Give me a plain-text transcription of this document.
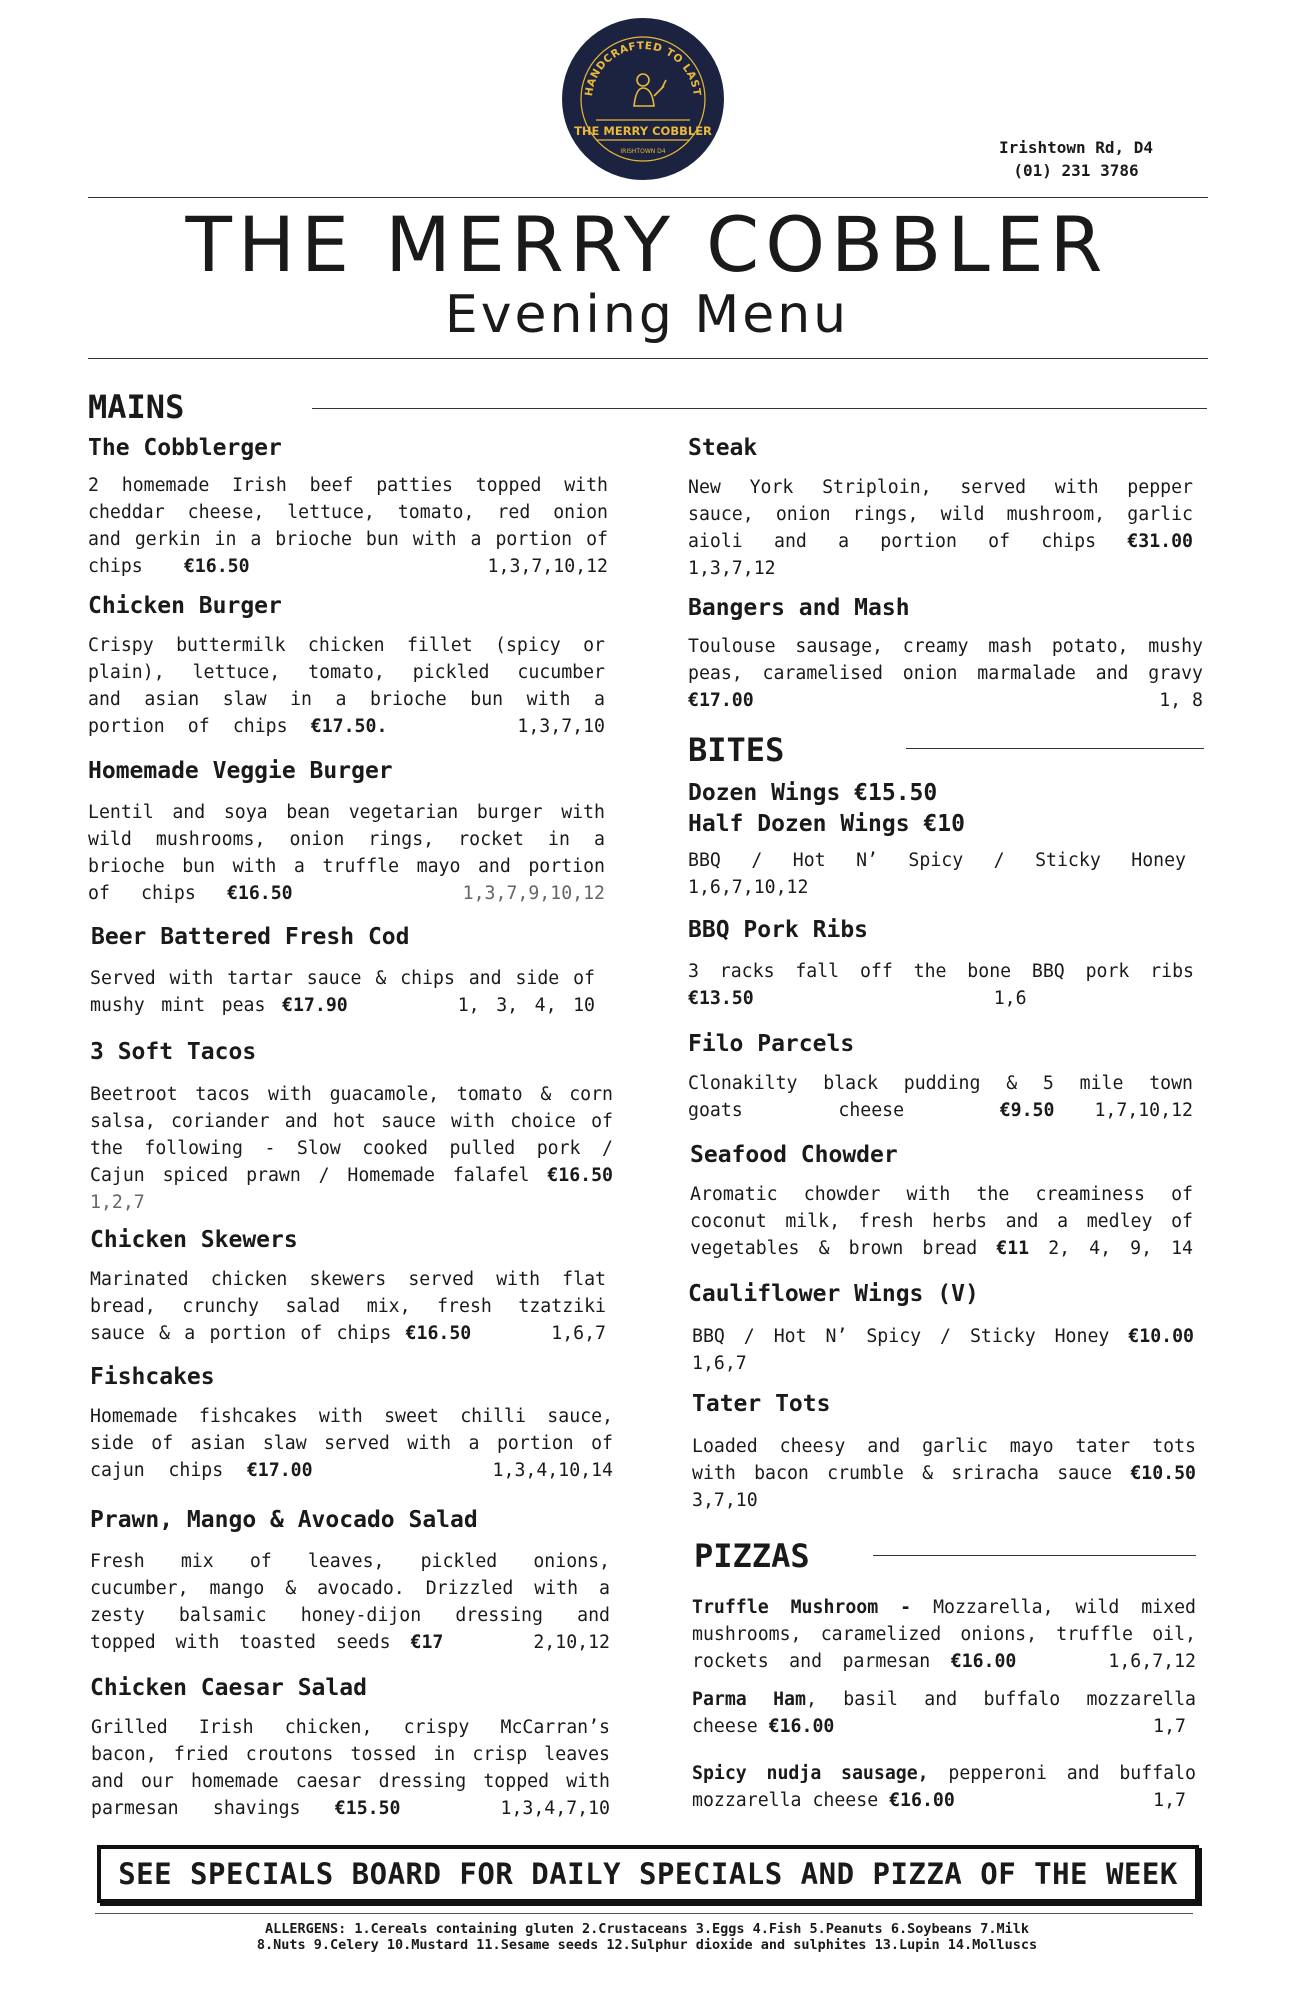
HANDCRAFTED TO LAST
THE MERRY COBBLER
IRISHTOWN D4	Irishtown Rd, D4
(01) 231 3786
THE MERRY COBBLER
Evening Menu
MAINS
The Cobblerger
2 homemade Irish beef patties topped with
cheddar cheese, lettuce, tomato, red onion
and gerkin in a brioche bun with a portion of
chips €16.50	1,3,7,10,12
Chicken Burger
Crispy buttermilk chicken fillet (spicy or
plain), lettuce, tomato, pickled cucumber
and asian slaw in a brioche bun with a
portion of chips €17.50.	1,3,7,10
Homemade Veggie Burger
Lentil and soya bean vegetarian burger with
wild mushrooms, onion rings, rocket in a
brioche bun with a truffle mayo and portion
of chips €16.50	1,3,7,9,10,12
Beer Battered Fresh Cod
Served with tartar sauce & chips and side of
mushy mint peas €17.90	1, 3, 4, 10
3 Soft Tacos
Beetroot tacos with guacamole, tomato & corn
salsa, coriander and hot sauce with choice of
the following - Slow cooked pulled pork /
Cajun spiced prawn / Homemade falafel €16.50
1,2,7
Chicken Skewers
Marinated chicken skewers served with flat
bread, crunchy salad mix, fresh tzatziki
sauce & a portion of chips €16.50	1,6,7
Fishcakes
Homemade fishcakes with sweet chilli sauce,
side of asian slaw served with a portion of
cajun chips €17.00	1,3,4,10,14
Prawn, Mango & Avocado Salad
Fresh mix of leaves, pickled onions,
cucumber, mango & avocado. Drizzled with a
zesty balsamic honey-dijon dressing and
topped with toasted seeds €17	2,10,12
Chicken Caesar Salad
Grilled Irish chicken, crispy McCarran’s
bacon, fried croutons tossed in crisp leaves
and our homemade caesar dressing topped with
parmesan shavings €15.50	1,3,4,7,10
Steak
New York Striploin, served with pepper
sauce, onion rings, wild mushroom, garlic
aioli and a portion of chips €31.00
1,3,7,12
Bangers and Mash
Toulouse sausage, creamy mash potato, mushy
peas, caramelised onion marmalade and gravy
€17.00	1, 8
BITES
Dozen Wings €15.50
Half Dozen Wings €10
BBQ / Hot N’ Spicy / Sticky Honey
1,6,7,10,12
BBQ Pork Ribs
3 racks fall off the bone BBQ pork ribs
€13.50	1,6
Filo Parcels
Clonakilty black pudding & 5 mile town
goats cheese	€9.50 1,7,10,12
Seafood Chowder
Aromatic chowder with the creaminess of
coconut milk, fresh herbs and a medley of
vegetables & brown bread €11 2, 4, 9, 14
Cauliflower Wings (V)
BBQ / Hot N’ Spicy / Sticky Honey €10.00
1,6,7
Tater Tots
Loaded cheesy and garlic mayo tater tots
with bacon crumble & sriracha sauce €10.50
3,7,10
PIZZAS
Truffle Mushroom - Mozzarella, wild mixed
mushrooms, caramelized onions, truffle oil,
rockets and parmesan €16.00	1,6,7,12
Parma Ham, basil and buffalo mozzarella
cheese €16.00	1,7
Spicy nudja sausage, pepperoni and buffalo
mozzarella cheese €16.00	1,7
SEE SPECIALS BOARD FOR DAILY SPECIALS AND PIZZA OF THE WEEK
ALLERGENS: 1.Cereals containing gluten 2.Crustaceans 3.Eggs 4.Fish 5.Peanuts 6.Soybeans 7.Milk
8.Nuts 9.Celery 10.Mustard 11.Sesame seeds 12.Sulphur dioxide and sulphites 13.Lupin 14.Molluscs
